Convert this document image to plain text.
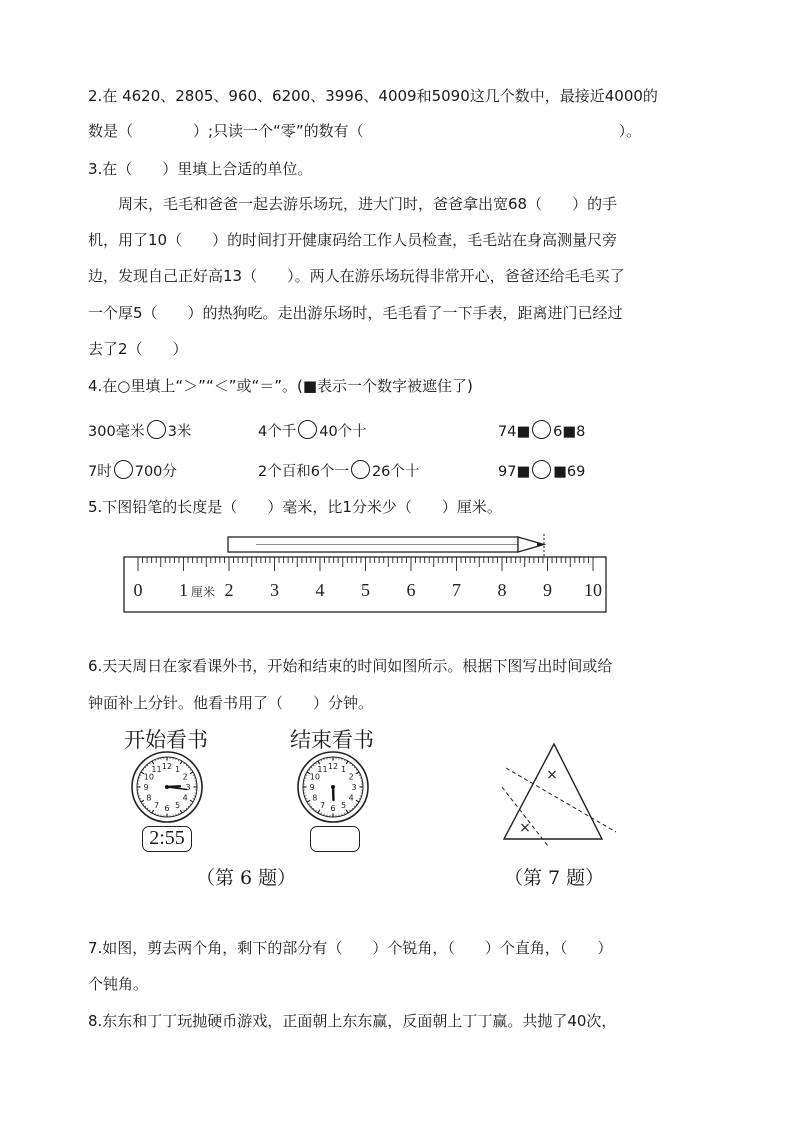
2.在 4620、2805、960、6200、3996、4009和5090这几个数中，最接近4000的
数是（　　　　）;只读一个“零”的数有（　　　　　　　　　　　　　　　　　）。
3.在（　　）里填上合适的单位。
周末，毛毛和爸爸一起去游乐场玩，进大门时，爸爸拿出宽68（　　）的手
机，用了10（　　）的时间打开健康码给工作人员检查，毛毛站在身高测量尺旁
边，发现自己正好高13（　　）。两人在游乐场玩得非常开心，爸爸还给毛毛买了
一个厚5（　　）的热狗吃。走出游乐场时，毛毛看了一下手表，距离进门已经过
去了2（　　）
4.在○里填上“＞”“＜”或“＝”。(■表示一个数字被遮住了)
300毫米 3米	4个千 40个十	74■ 6■8
7时 700分	2个百和6个一 26个十	97■ ■69
5.下图铅笔的长度是（　　）毫米，比1分米少（　　）厘米。
0 1 2 3 4 5 6 7 8 9 10
厘米
6.天天周日在家看课外书，开始和结束的时间如图所示。根据下图写出时间或给
钟面补上分针。他看书用了（　　）分钟。
开始看书	结束看书
12 1
2
3
4
5
6
7
8
9
10
11	12 1
2
3
4
5
6
7
8
9
10
11
2:55
（第 6 题）
×
×
（第 7 题）
7.如图，剪去两个角，剩下的部分有（　　）个锐角，（　　）个直角，（　　）
个钝角。
8.东东和丁丁玩抛硬币游戏，正面朝上东东赢，反面朝上丁丁赢。共抛了40次，
